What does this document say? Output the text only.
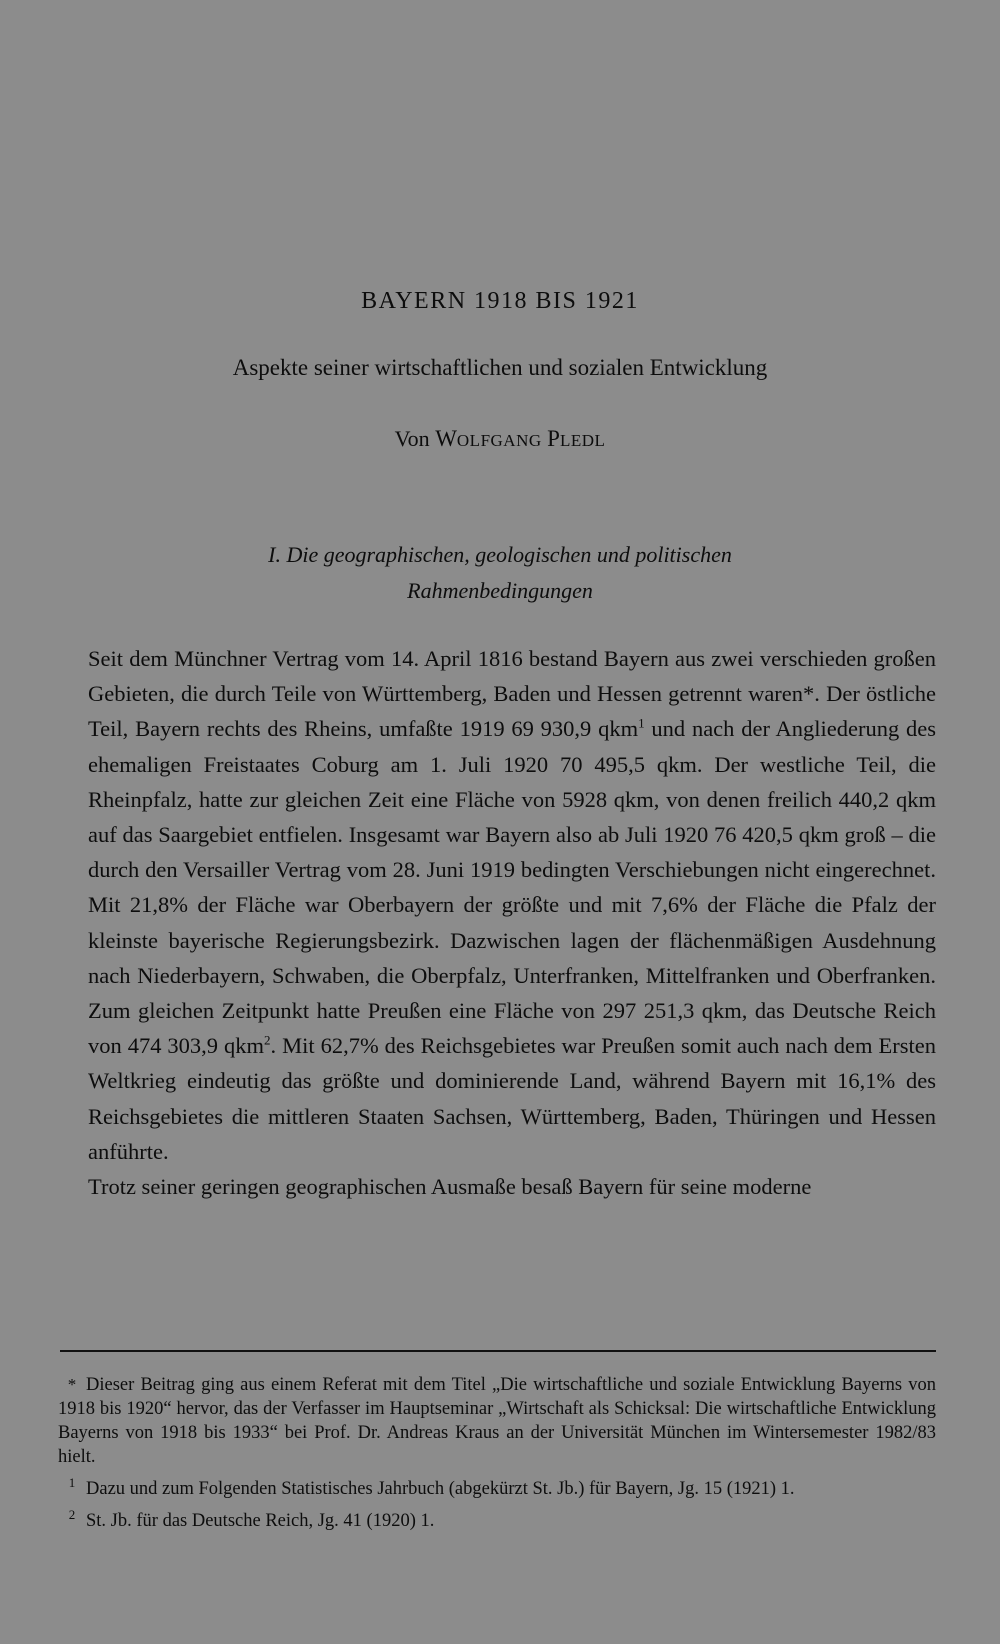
BAYERN 1918 BIS 1921
Aspekte seiner wirtschaftlichen und sozialen Entwicklung
Von WOLFGANG PLEDL
I. Die geographischen, geologischen und politischen
Rahmenbedingungen

Seit dem Münchner Vertrag vom 14. April 1816 bestand Bayern aus zwei verschieden großen Gebieten, die durch Teile von Württemberg, Baden und Hessen getrennt waren*. Der östliche Teil, Bayern rechts des Rheins, umfaßte 1919 69 930,9 qkm$^1$ und nach der Angliederung des ehemaligen Freistaates Coburg am 1. Juli 1920 70 495,5 qkm. Der westliche Teil, die Rheinpfalz, hatte zur gleichen Zeit eine Fläche von 5928 qkm, von denen freilich 440,2 qkm auf das Saargebiet entfielen. Insgesamt war Bayern also ab Juli 1920 76 420,5 qkm groß – die durch den Versailler Vertrag vom 28. Juni 1919 bedingten Verschiebungen nicht eingerechnet. Mit 21,8% der Fläche war Oberbayern der größte und mit 7,6% der Fläche die Pfalz der kleinste bayerische Regierungsbezirk. Dazwischen lagen der flächenmäßigen Ausdehnung nach Niederbayern, Schwaben, die Oberpfalz, Unterfranken, Mittelfranken und Oberfranken. Zum gleichen Zeitpunkt hatte Preußen eine Fläche von 297 251,3 qkm, das Deutsche Reich von 474 303,9 qkm$^2$. Mit 62,7% des Reichsgebietes war Preußen somit auch nach dem Ersten Weltkrieg eindeutig das größte und dominierende Land, während Bayern mit 16,1% des Reichsgebietes die mittleren Staaten Sachsen, Württemberg, Baden, Thüringen und Hessen anführte.

Trotz seiner geringen geographischen Ausmaße besaß Bayern für seine moderne

* Dieser Beitrag ging aus einem Referat mit dem Titel „Die wirtschaftliche und soziale Entwicklung Bayerns von 1918 bis 1920“ hervor, das der Verfasser im Hauptseminar „Wirtschaft als Schicksal: Die wirtschaftliche Entwicklung Bayerns von 1918 bis 1933“ bei Prof. Dr. Andreas Kraus an der Universität München im Wintersemester 1982/83 hielt.
1 Dazu und zum Folgenden Statistisches Jahrbuch (abgekürzt St. Jb.) für Bayern, Jg. 15 (1921) 1.
2 St. Jb. für das Deutsche Reich, Jg. 41 (1920) 1.
